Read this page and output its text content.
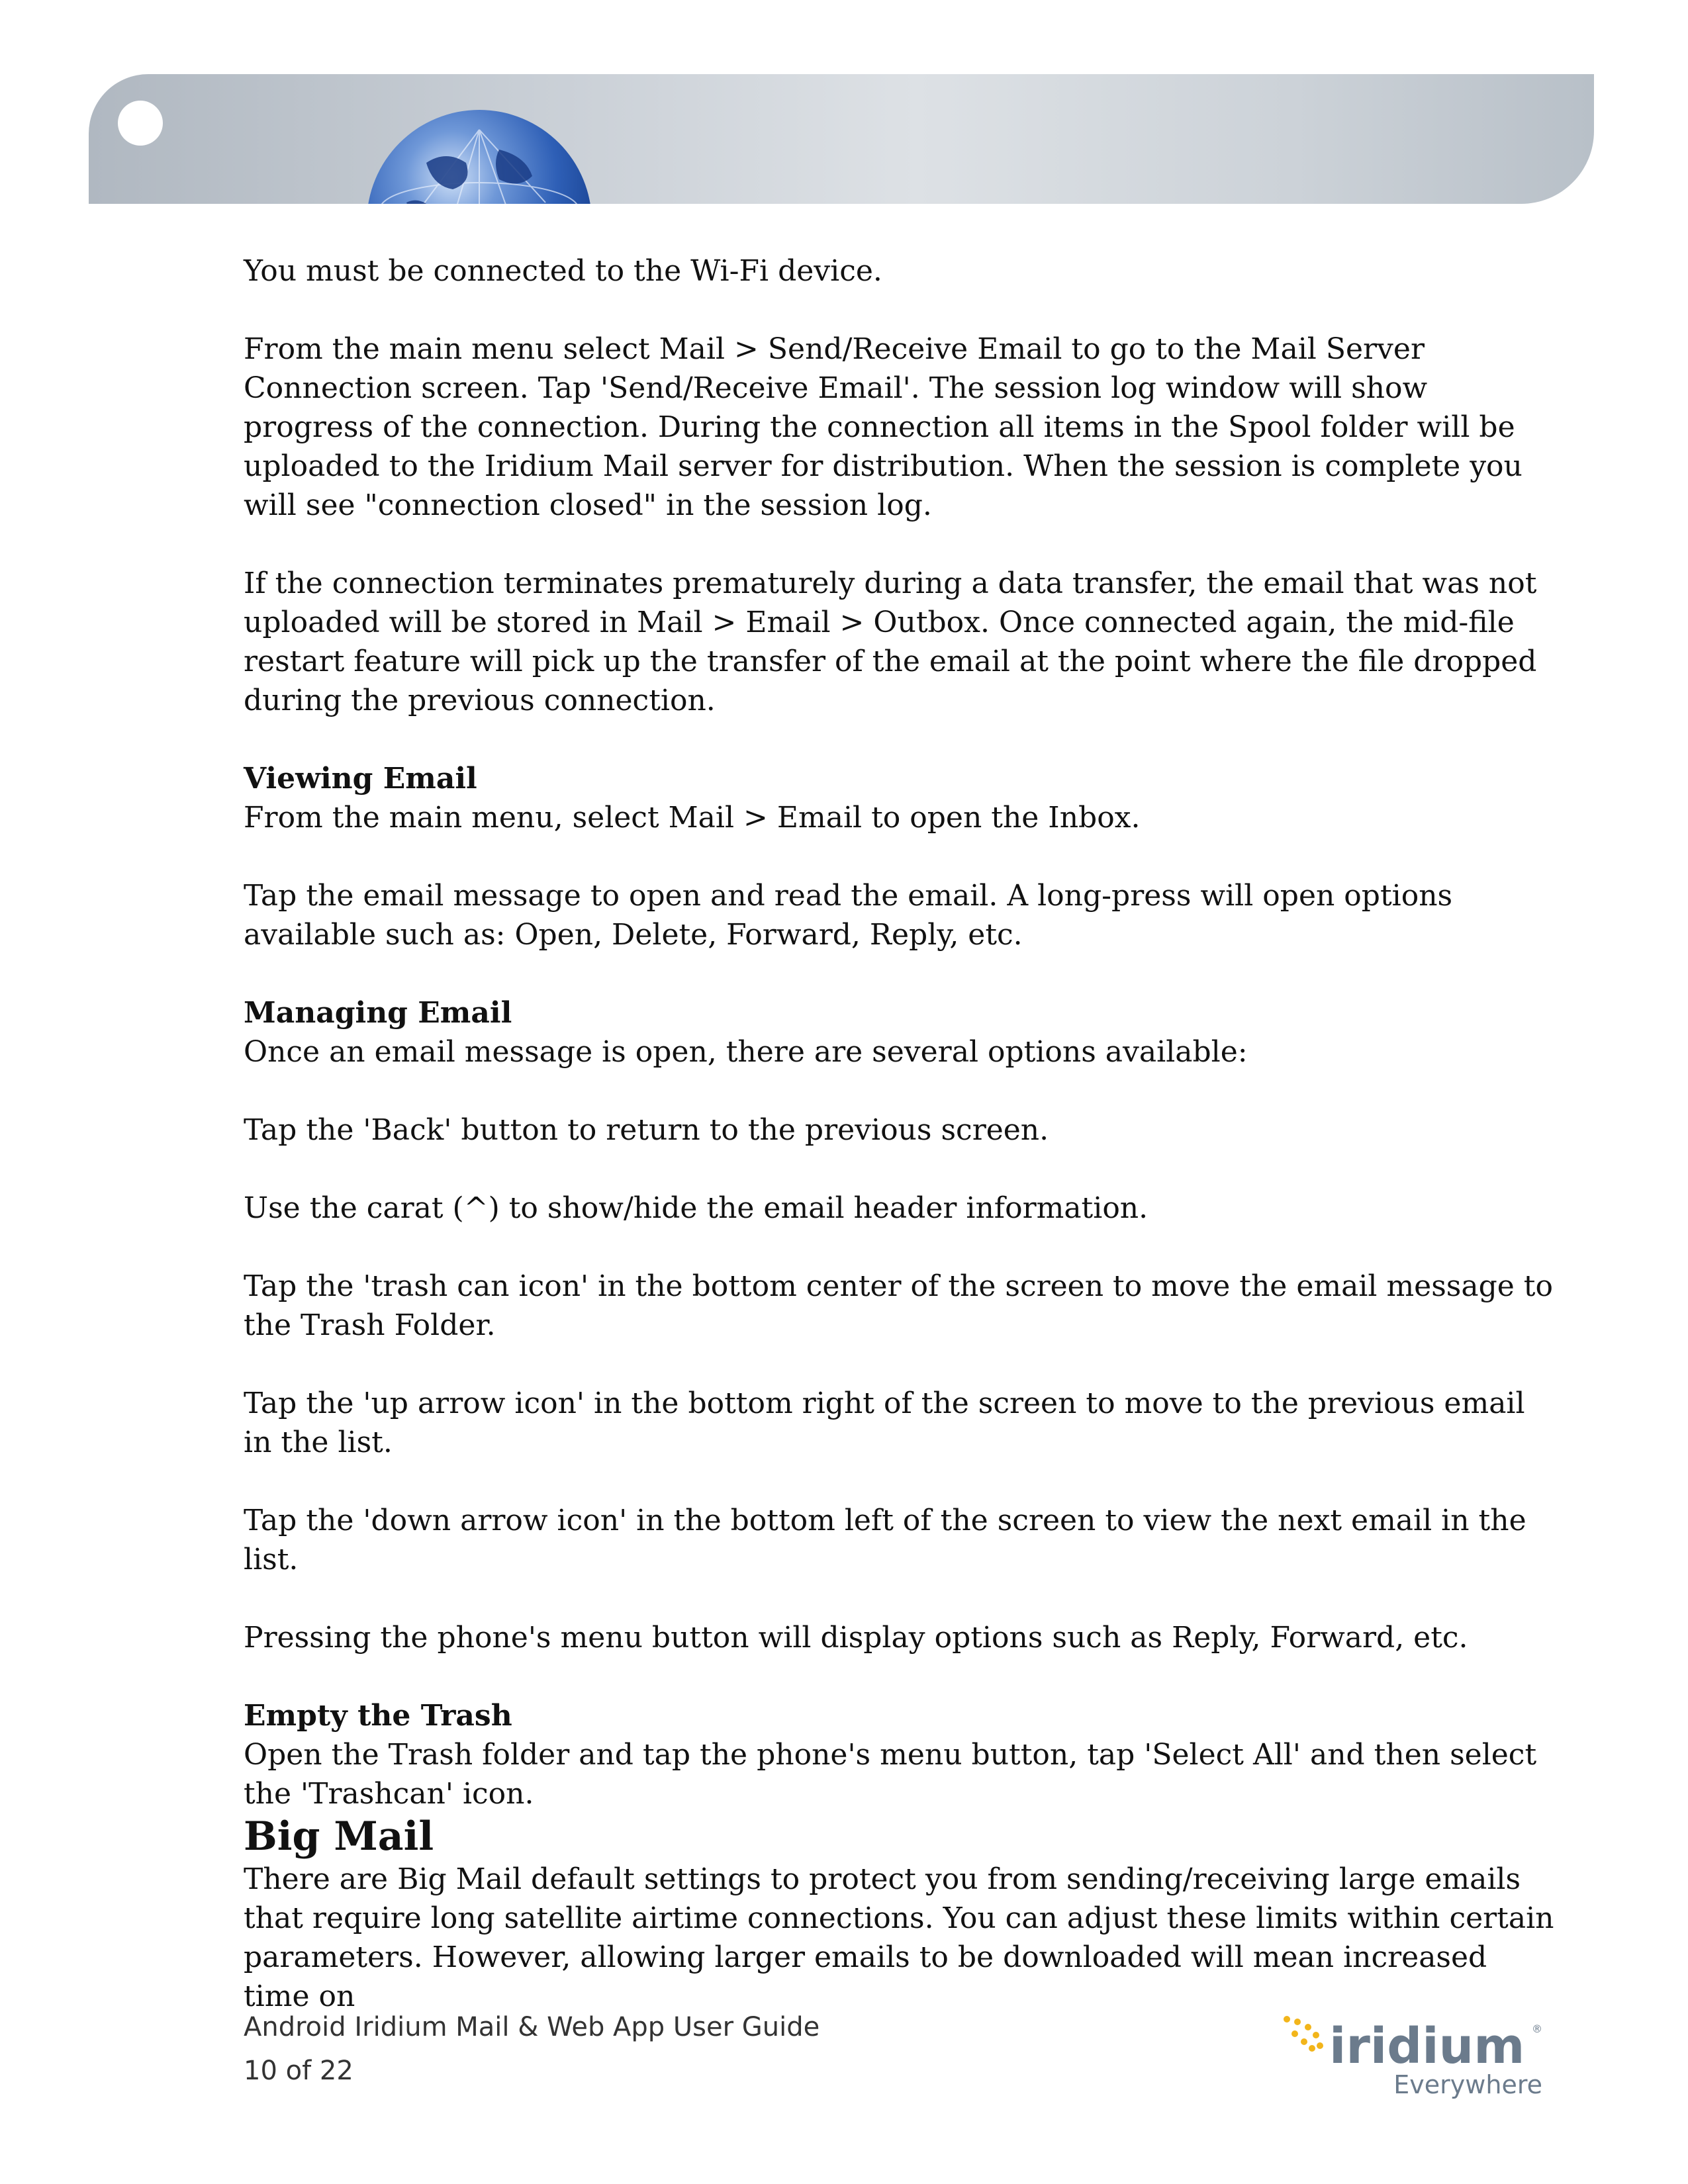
You must be connected to the Wi-Fi device.

From the main menu select Mail > Send/Receive Email to go to the Mail Server Connection screen. Tap 'Send/Receive Email'. The session log window will show progress of the connection. During the connection all items in the Spool folder will be uploaded to the Iridium Mail server for distribution. When the session is complete you will see "connection closed" in the session log.

If the connection terminates prematurely during a data transfer, the email that was not uploaded will be stored in Mail > Email > Outbox. Once connected again, the mid-file restart feature will pick up the transfer of the email at the point where the file dropped during the previous connection.

Viewing Email

From the main menu, select Mail > Email to open the Inbox.

Tap the email message to open and read the email. A long-press will open options available such as: Open, Delete, Forward, Reply, etc.

Managing Email

Once an email message is open, there are several options available:

Tap the 'Back' button to return to the previous screen.

Use the carat (^) to show/hide the email header information.

Tap the 'trash can icon' in the bottom center of the screen to move the email message to the Trash Folder.

Tap the 'up arrow icon' in the bottom right of the screen to move to the previous email in the list.

Tap the 'down arrow icon' in the bottom left of the screen to view the next email in the list.

Pressing the phone's menu button will display options such as Reply, Forward, etc.

Empty the Trash

Open the Trash folder and tap the phone's menu button, tap 'Select All' and then select the 'Trashcan' icon.

Big Mail

There are Big Mail default settings to protect you from sending/receiving large emails that require long satellite airtime connections. You can adjust these limits within certain parameters. However, allowing larger emails to be downloaded will mean increased time on

Android Iridium Mail & Web App User Guide
10 of 22	iridium ®
Everywhere
